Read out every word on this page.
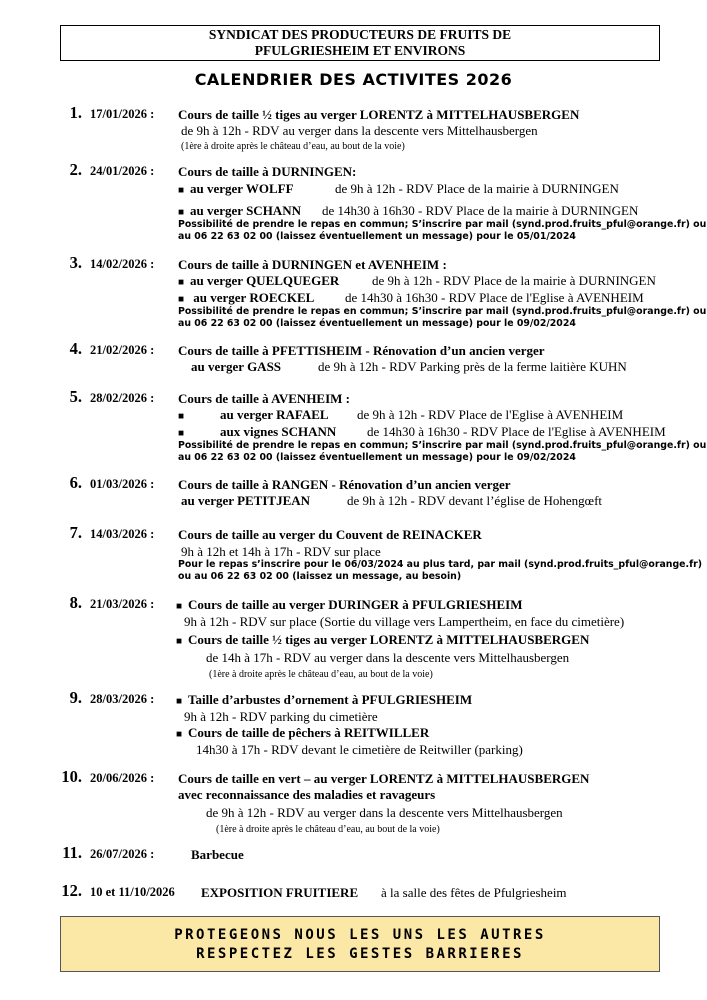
SYNDICAT DES PRODUCTEURS DE FRUITS DE
PFULGRIESHEIM ET ENVIRONS
CALENDRIER DES ACTIVITES 2026
1. 17/01/2026 : Cours de taille ½ tiges au verger LORENTZ à MITTELHAUSBERGEN
de 9h à 12h - RDV au verger dans la descente vers Mittelhausbergen
(1ère à droite après le château d’eau, au bout de la voie)
2. 24/01/2026 : Cours de taille à DURNINGEN:
■ au verger WOLFF	de 9h à 12h - RDV Place de la mairie à DURNINGEN
■ au verger SCHANN de 14h30 à 16h30 - RDV Place de la mairie à DURNINGEN
Possibilité de prendre le repas en commun; S’inscrire par mail (synd.prod.fruits_pful@orange.fr) ou
au 06 22 63 02 00 (laissez éventuellement un message) pour le 05/01/2024
3. 14/02/2026 : Cours de taille à DURNINGEN et AVENHEIM :
■ au verger QUELQUEGER	de 9h à 12h - RDV Place de la mairie à DURNINGEN
■ au verger ROECKEL de 14h30 à 16h30 - RDV Place de l'Eglise à AVENHEIM
Possibilité de prendre le repas en commun; S’inscrire par mail (synd.prod.fruits_pful@orange.fr) ou
au 06 22 63 02 00 (laissez éventuellement un message) pour le 09/02/2024
4. 21/02/2026 : Cours de taille à PFETTISHEIM - Rénovation d’un ancien verger
au verger GASS	de 9h à 12h - RDV Parking près de la ferme laitière KUHN
5. 28/02/2026 : Cours de taille à AVENHEIM :
■	au verger RAFAEL de 9h à 12h - RDV Place de l'Eglise à AVENHEIM
■	aux vignes SCHANN de 14h30 à 16h30 - RDV Place de l'Eglise à AVENHEIM
Possibilité de prendre le repas en commun; S’inscrire par mail (synd.prod.fruits_pful@orange.fr) ou
au 06 22 63 02 00 (laissez éventuellement un message) pour le 09/02/2024
6. 01/03/2026 : Cours de taille à RANGEN - Rénovation d’un ancien verger
au verger PETITJEAN	de 9h à 12h - RDV devant l’église de Hohengœft
7. 14/03/2026 : Cours de taille au verger du Couvent de REINACKER
9h à 12h et 14h à 17h - RDV sur place
Pour le repas s’inscrire pour le 06/03/2024 au plus tard, par mail (synd.prod.fruits_pful@orange.fr)
ou au 06 22 63 02 00 (laissez un message, au besoin)
8. 21/03/2026 : ■ Cours de taille au verger DURINGER à PFULGRIESHEIM
9h à 12h - RDV sur place (Sortie du village vers Lampertheim, en face du cimetière)
■ Cours de taille ½ tiges au verger LORENTZ à MITTELHAUSBERGEN
de 14h à 17h - RDV au verger dans la descente vers Mittelhausbergen
(1ère à droite après le château d’eau, au bout de la voie)
9. 28/03/2026 : ■ Taille d’arbustes d’ornement à PFULGRIESHEIM
9h à 12h - RDV parking du cimetière
■ Cours de taille de pêchers à REITWILLER
14h30 à 17h - RDV devant le cimetière de Reitwiller (parking)
10. 20/06/2026 : Cours de taille en vert – au verger LORENTZ à MITTELHAUSBERGEN
avec reconnaissance des maladies et ravageurs
de 9h à 12h - RDV au verger dans la descente vers Mittelhausbergen
(1ère à droite après le château d’eau, au bout de la voie)
11. 26/07/2026 :	Barbecue
12. 10 et 11/10/2026 EXPOSITION FRUITIERE à la salle des fêtes de Pfulgriesheim
PROTEGEONS NOUS LES UNS LES AUTRES
RESPECTEZ LES GESTES BARRIERES
